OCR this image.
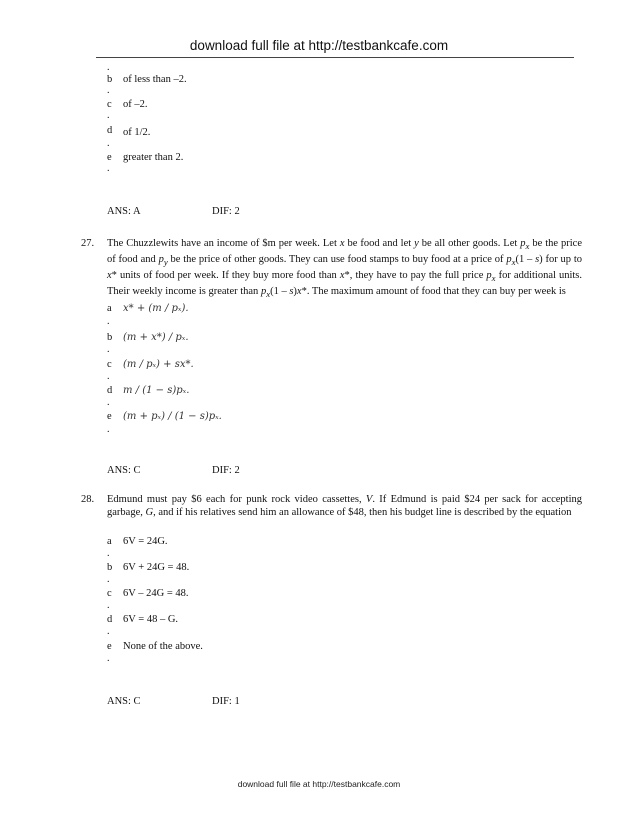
download full file at http://testbankcafe.com
.
b of less than –2.
.
c of –2.
.
d of 1/2.
.
e greater than 2.
.
ANS: A	DIF: 2
27. The Chuzzlewits have an income of $m per week. Let x be food and let y be all other goods. Let $p_x$ be the price of food and $p_y$ be the price of other goods. They can use food stamps to buy food at a price of $p_x(1 - s)$ for up to x* units of food per week. If they buy more food than x*, they have to pay the full price $p_x$ for additional units. Their weekly income is greater than $p_x(1 - s)x*$. The maximum amount of food that they can buy per week is
a x* + (m / pₓ).
.
b (m + x*) / pₓ.
.
c (m / pₓ) + sx*.
.
d m / (1 − s)pₓ.
.
e (m + pₓ) / (1 − s)pₓ.
.
ANS: C	DIF: 2
28. Edmund must pay $6 each for punk rock video cassettes, V. If Edmund is paid $24 per sack for accepting garbage, G, and if his relatives send him an allowance of $48, then his budget line is described by the equation
a 6V = 24G.
.
b 6V + 24G = 48.
.
c 6V – 24G = 48.
.
d 6V = 48 – G.
.
e None of the above.
.
ANS: C	DIF: 1
download full file at http://testbankcafe.com
